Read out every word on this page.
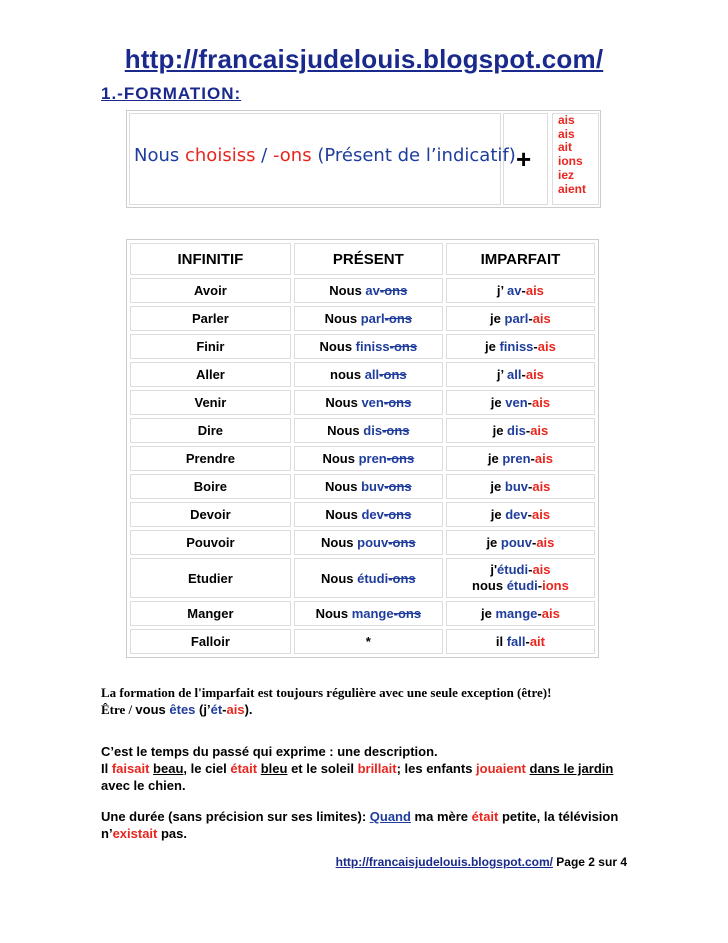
http://francaisjudelouis.blogspot.com/
1.-FORMATION:
Nous choisiss / -ons (Présent de l’indicatif) +
ais
ais
ait
ions
iez
aient
INFINITIF	PRÉSENT	IMPARFAIT
Avoir	Nous av-ons	j’ av-ais
Parler	Nous parl-ons	je parl-ais
Finir	Nous finiss-ons	je finiss-ais
Aller	nous all-ons	j’ all-ais
Venir	Nous ven-ons	je ven-ais
Dire	Nous dis-ons	je dis-ais
Prendre	Nous pren-ons	je pren-ais
Boire	Nous buv-ons	je buv-ais
Devoir	Nous dev-ons	je dev-ais
Pouvoir	Nous pouv-ons	je pouv-ais
Etudier	Nous étudi-ons	j'étudi-ais
nous étudi-ions
Manger	Nous mange-ons	je mange-ais
Falloir	*	il fall-ait
La formation de l'imparfait est toujours régulière avec une seule exception (être)!
Être / vous êtes (j’ét-ais).
C’est le temps du passé qui exprime : une description.
Il faisait beau, le ciel était bleu et le soleil brillait; les enfants jouaient dans le jardin
avec le chien.
Une durée (sans précision sur ses limites): Quand ma mère était petite, la télévision
n’existait pas.
http://francaisjudelouis.blogspot.com/ Page 2 sur 4
